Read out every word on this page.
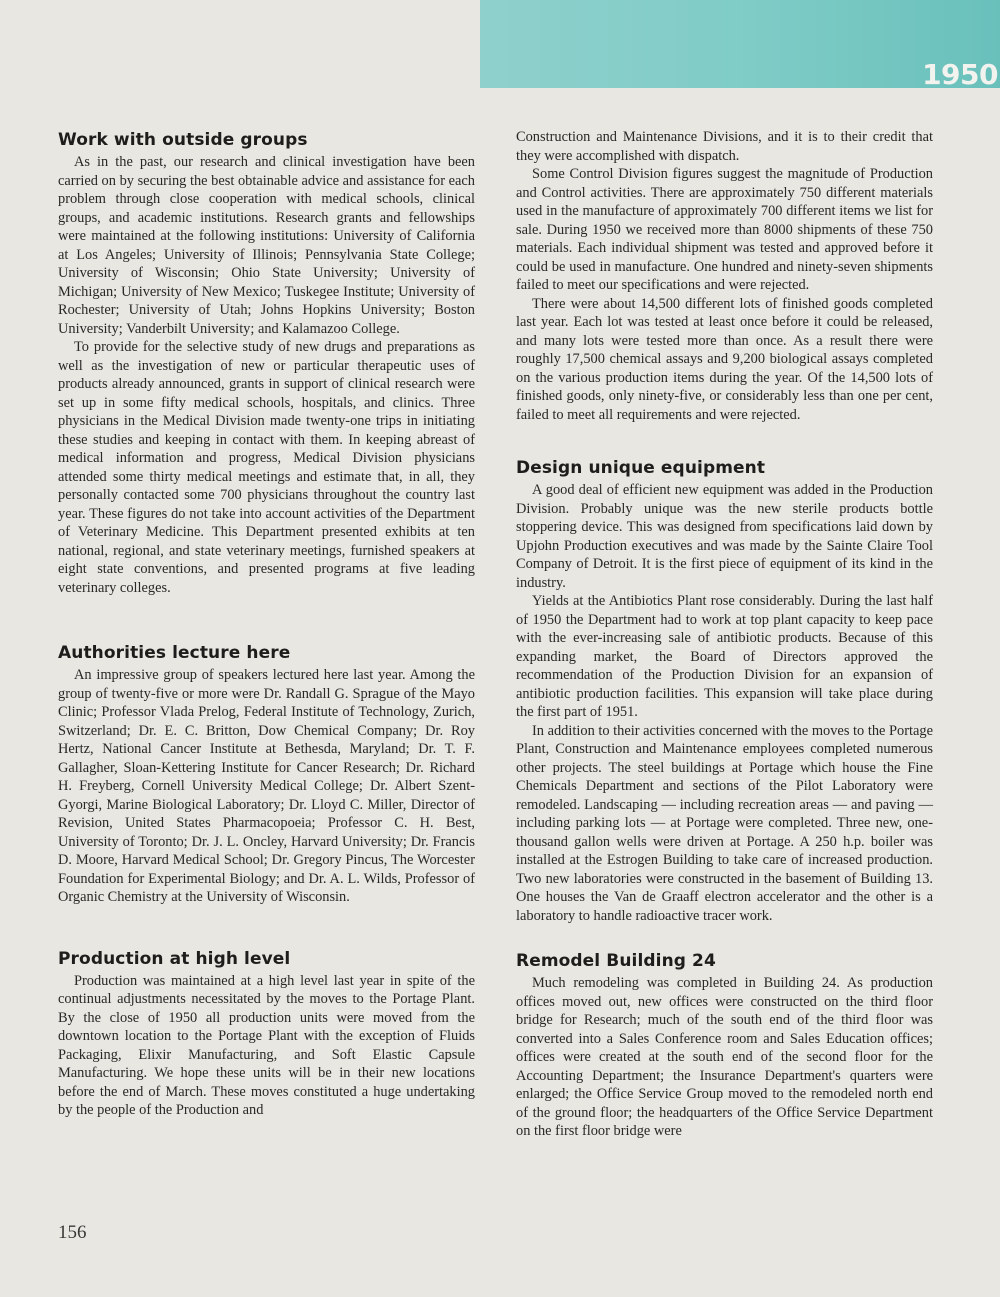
1950
Work with outside groups

As in the past, our research and clinical investigation have been carried on by securing the best obtainable advice and assistance for each problem through close cooperation with medical schools, clinical groups, and academic institutions. Research grants and fellowships were maintained at the following institutions: University of California at Los Angeles; University of Illinois; Pennsylvania State College; University of Wisconsin; Ohio State University; University of Michigan; University of New Mexico; Tuskegee Institute; University of Rochester; University of Utah; Johns Hopkins University; Boston University; Vanderbilt University; and Kalamazoo College.

To provide for the selective study of new drugs and preparations as well as the investigation of new or particular therapeutic uses of products already announced, grants in support of clinical research were set up in some fifty medical schools, hospitals, and clinics. Three physicians in the Medical Division made twenty-one trips in initiating these studies and keeping in contact with them. In keeping abreast of medical information and progress, Medical Division physicians attended some thirty medical meetings and estimate that, in all, they personally contacted some 700 physicians throughout the country last year. These figures do not take into account activities of the Department of Veterinary Medicine. This Department presented exhibits at ten national, regional, and state veterinary meetings, furnished speakers at eight state conventions, and presented programs at five leading veterinary colleges.

Authorities lecture here

An impressive group of speakers lectured here last year. Among the group of twenty-five or more were Dr. Randall G. Sprague of the Mayo Clinic; Professor Vlada Prelog, Federal Institute of Technology, Zurich, Switzerland; Dr. E. C. Britton, Dow Chemical Company; Dr. Roy Hertz, National Cancer Institute at Bethesda, Maryland; Dr. T. F. Gallagher, Sloan-Kettering Institute for Cancer Research; Dr. Richard H. Freyberg, Cornell University Medical College; Dr. Albert Szent-Gyorgi, Marine Biological Laboratory; Dr. Lloyd C. Miller, Director of Revision, United States Pharmacopoeia; Professor C. H. Best, University of Toronto; Dr. J. L. Oncley, Harvard University; Dr. Francis D. Moore, Harvard Medical School; Dr. Gregory Pincus, The Worcester Foundation for Experimental Biology; and Dr. A. L. Wilds, Professor of Organic Chemistry at the University of Wisconsin.

Production at high level

Production was maintained at a high level last year in spite of the continual adjustments necessitated by the moves to the Portage Plant. By the close of 1950 all production units were moved from the downtown location to the Portage Plant with the exception of Fluids Packaging, Elixir Manufacturing, and Soft Elastic Capsule Manufacturing. We hope these units will be in their new locations before the end of March. These moves constituted a huge undertaking by the people of the Production and

Construction and Maintenance Divisions, and it is to their credit that they were accomplished with dispatch.

Some Control Division figures suggest the magnitude of Production and Control activities. There are approximately 750 different materials used in the manufacture of approximately 700 different items we list for sale. During 1950 we received more than 8000 shipments of these 750 materials. Each individual shipment was tested and approved before it could be used in manufacture. One hundred and ninety-seven shipments failed to meet our specifications and were rejected.

There were about 14,500 different lots of finished goods completed last year. Each lot was tested at least once before it could be released, and many lots were tested more than once. As a result there were roughly 17,500 chemical assays and 9,200 biological assays completed on the various production items during the year. Of the 14,500 lots of finished goods, only ninety-five, or considerably less than one per cent, failed to meet all requirements and were rejected.

Design unique equipment

A good deal of efficient new equipment was added in the Production Division. Probably unique was the new sterile products bottle stoppering device. This was designed from specifications laid down by Upjohn Production executives and was made by the Sainte Claire Tool Company of Detroit. It is the first piece of equipment of its kind in the industry.

Yields at the Antibiotics Plant rose considerably. During the last half of 1950 the Department had to work at top plant capacity to keep pace with the ever-increasing sale of antibiotic products. Because of this expanding market, the Board of Directors approved the recommendation of the Production Division for an expansion of antibiotic production facilities. This expansion will take place during the first part of 1951.

In addition to their activities concerned with the moves to the Portage Plant, Construction and Maintenance employees completed numerous other projects. The steel buildings at Portage which house the Fine Chemicals Department and sections of the Pilot Laboratory were remodeled. Landscaping — including recreation areas — and paving — including parking lots — at Portage were completed. Three new, one-thousand gallon wells were driven at Portage. A 250 h.p. boiler was installed at the Estrogen Building to take care of increased production. Two new laboratories were constructed in the basement of Building 13. One houses the Van de Graaff electron accelerator and the other is a laboratory to handle radioactive tracer work.

Remodel Building 24

Much remodeling was completed in Building 24. As production offices moved out, new offices were constructed on the third floor bridge for Research; much of the south end of the third floor was converted into a Sales Conference room and Sales Education offices; offices were created at the south end of the second floor for the Accounting Department; the Insurance Department's quarters were enlarged; the Office Service Group moved to the remodeled north end of the ground floor; the headquarters of the Office Service Department on the first floor bridge were

156
